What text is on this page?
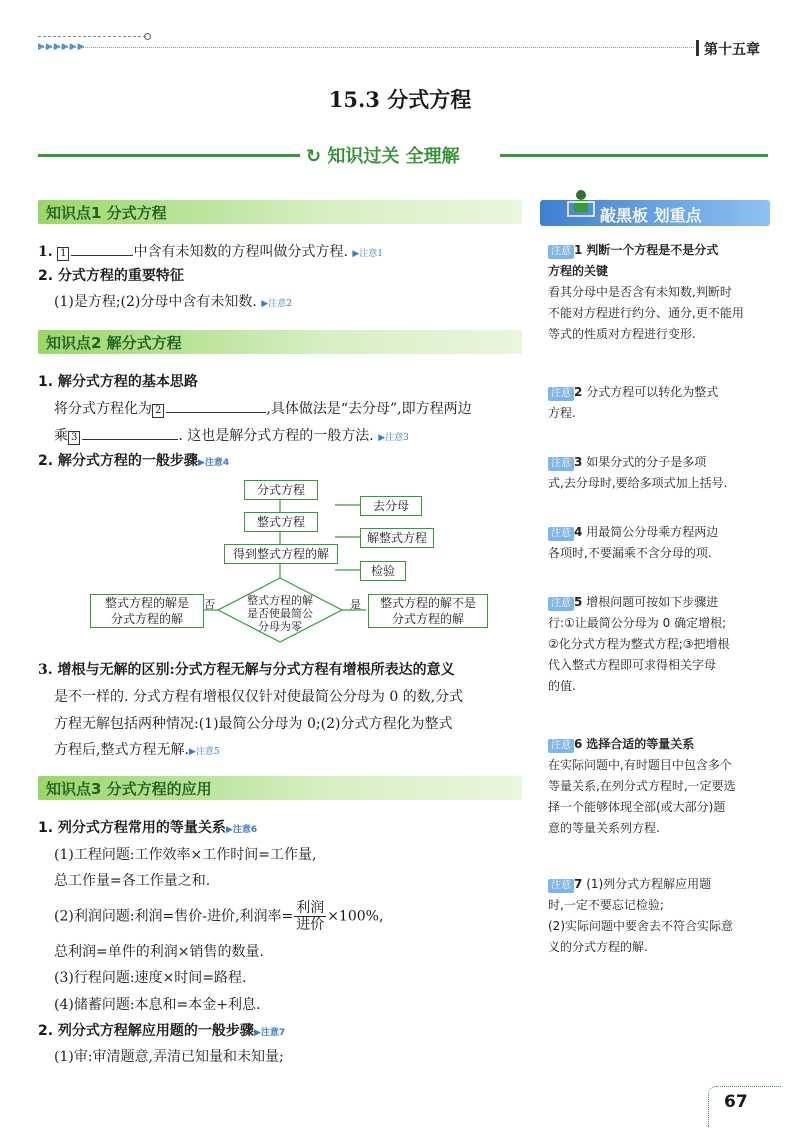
▶▶▶▶▶▶	第十五章
15.3 分式方程
↻ 知识过关 全理解
知识点1 分式方程
1. 1	中含有未知数的方程叫做分式方程. ▶注意1
2. 分式方程的重要特征
(1)是方程;(2)分母中含有未知数. ▶注意2
知识点2 解分式方程
1. 解分式方程的基本思路
将分式方程化为 2	,具体做法是“去分母”,即方程两边
乘 3	. 这也是解分式方程的一般方法. ▶注意3
2. 解分式方程的一般步骤▶注意4
分式方程
去分母
整式方程
解整式方程
得到整式方程的解
检验
整式方程的解
是否使最简公
分母为零
否	是
整式方程的解是
分式方程的解
整式方程的解不是
分式方程的解
3. 增根与无解的区别:分式方程无解与分式方程有增根所表达的意义
是不一样的. 分式方程有增根仅仅针对使最简公分母为 0 的数,分式
方程无解包括两种情况:(1)最简公分母为 0;(2)分式方程化为整式
方程后,整式方程无解.▶注意5
知识点3 分式方程的应用
1. 列分式方程常用的等量关系▶注意6
(1)工程问题:工作效率×工作时间=工作量,
总工作量=各工作量之和.
(2)利润问题:利润=售价-进价,利润率= $\frac{\text{利润}}{\text{进价}} \times 100\%$,
总利润=单件的利润×销售的数量.
(3)行程问题:速度×时间=路程.
(4)储蓄问题:本息和=本金+利息.
2. 列分式方程解应用题的一般步骤▶注意7
(1)审:审清题意,弄清已知量和未知量;
敲黑板 划重点
注意 1 判断一个方程是不是分式
方程的关键
看其分母中是否含有未知数,判断时
不能对方程进行约分、通分,更不能用
等式的性质对方程进行变形.
注意 2 分式方程可以转化为整式
方程.
注意 3 如果分式的分子是多项
式,去分母时,要给多项式加上括号.
注意 4 用最简公分母乘方程两边
各项时,不要漏乘不含分母的项.
注意 5 增根问题可按如下步骤进
行:①让最简公分母为 0 确定增根;
②化分式方程为整式方程;③把增根
代入整式方程即可求得相关字母
的值.
注意 6 选择合适的等量关系
在实际问题中,有时题目中包含多个
等量关系,在列分式方程时,一定要选
择一个能够体现全部(或大部分)题
意的等量关系列方程.
注意 7 (1)列分式方程解应用题
时,一定不要忘记检验;
(2)实际问题中要舍去不符合实际意
义的分式方程的解.
67
